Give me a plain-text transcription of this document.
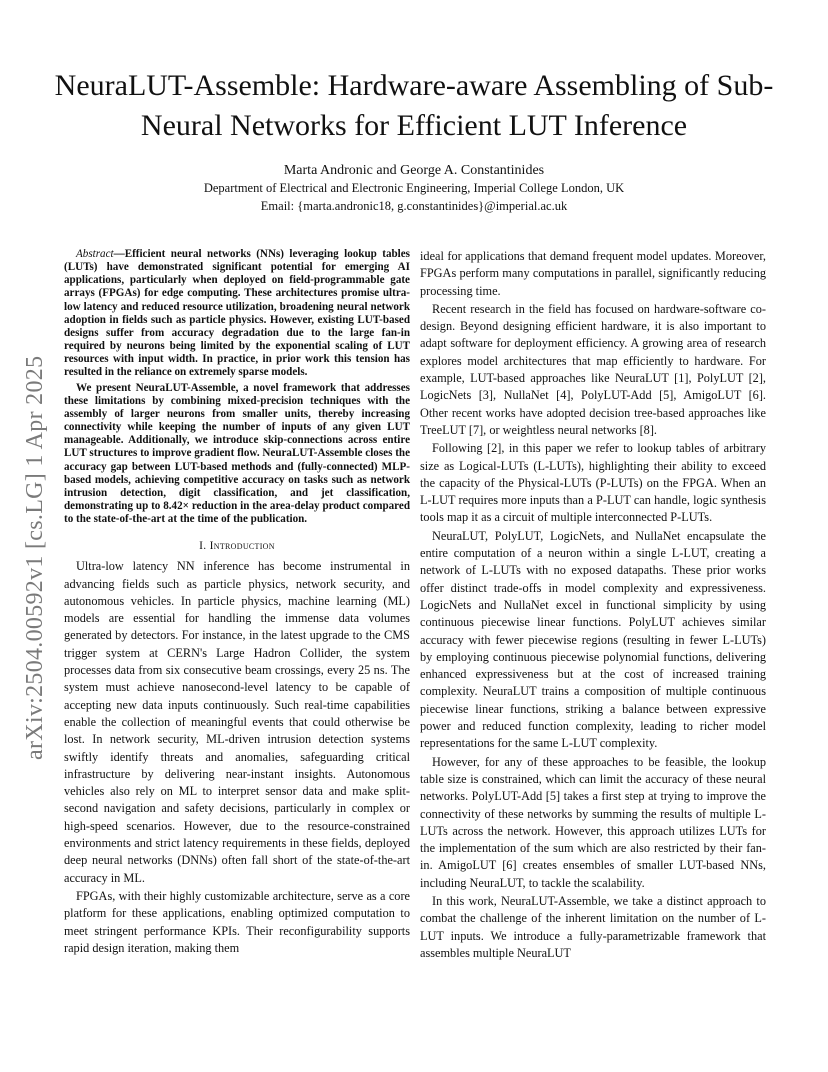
arXiv:2504.00592v1 [cs.LG] 1 Apr 2025
NeuraLUT-Assemble: Hardware-aware Assembling of Sub-Neural Networks for Efficient LUT Inference
Marta Andronic and George A. Constantinides
Department of Electrical and Electronic Engineering, Imperial College London, UK
Email: {marta.andronic18, g.constantinides}@imperial.ac.uk

Abstract—Efficient neural networks (NNs) leveraging lookup tables (LUTs) have demonstrated significant potential for emerging AI applications, particularly when deployed on field-programmable gate arrays (FPGAs) for edge computing. These architectures promise ultra-low latency and reduced resource utilization, broadening neural network adoption in fields such as particle physics. However, existing LUT-based designs suffer from accuracy degradation due to the large fan-in required by neurons being limited by the exponential scaling of LUT resources with input width. In practice, in prior work this tension has resulted in the reliance on extremely sparse models.

We present NeuraLUT-Assemble, a novel framework that addresses these limitations by combining mixed-precision techniques with the assembly of larger neurons from smaller units, thereby increasing connectivity while keeping the number of inputs of any given LUT manageable. Additionally, we introduce skip-connections across entire LUT structures to improve gradient flow. NeuraLUT-Assemble closes the accuracy gap between LUT-based methods and (fully-connected) MLP-based models, achieving competitive accuracy on tasks such as network intrusion detection, digit classification, and jet classification, demonstrating up to 8.42× reduction in the area-delay product compared to the state-of-the-art at the time of the publication.

I. Introduction

Ultra-low latency NN inference has become instrumental in advancing fields such as particle physics, network security, and autonomous vehicles. In particle physics, machine learning (ML) models are essential for handling the immense data volumes generated by detectors. For instance, in the latest upgrade to the CMS trigger system at CERN's Large Hadron Collider, the system processes data from six consecutive beam crossings, every 25 ns. The system must achieve nanosecond-level latency to be capable of accepting new data inputs continuously. Such real-time capabilities enable the collection of meaningful events that could otherwise be lost. In network security, ML-driven intrusion detection systems swiftly identify threats and anomalies, safeguarding critical infrastructure by delivering near-instant insights. Autonomous vehicles also rely on ML to interpret sensor data and make split-second navigation and safety decisions, particularly in complex or high-speed scenarios. However, due to the resource-constrained environments and strict latency requirements in these fields, deployed deep neural networks (DNNs) often fall short of the state-of-the-art accuracy in ML.

FPGAs, with their highly customizable architecture, serve as a core platform for these applications, enabling optimized computation to meet stringent performance KPIs. Their reconfigurability supports rapid design iteration, making them

ideal for applications that demand frequent model updates. Moreover, FPGAs perform many computations in parallel, significantly reducing processing time.

Recent research in the field has focused on hardware-software co-design. Beyond designing efficient hardware, it is also important to adapt software for deployment efficiency. A growing area of research explores model architectures that map efficiently to hardware. For example, LUT-based approaches like NeuraLUT [1], PolyLUT [2], LogicNets [3], NullaNet [4], PolyLUT-Add [5], AmigoLUT [6]. Other recent works have adopted decision tree-based approaches like TreeLUT [7], or weightless neural networks [8].

Following [2], in this paper we refer to lookup tables of arbitrary size as Logical-LUTs (L-LUTs), highlighting their ability to exceed the capacity of the Physical-LUTs (P-LUTs) on the FPGA. When an L-LUT requires more inputs than a P-LUT can handle, logic synthesis tools map it as a circuit of multiple interconnected P-LUTs.

NeuraLUT, PolyLUT, LogicNets, and NullaNet encapsulate the entire computation of a neuron within a single L-LUT, creating a network of L-LUTs with no exposed datapaths. These prior works offer distinct trade-offs in model complexity and expressiveness. LogicNets and NullaNet excel in functional simplicity by using continuous piecewise linear functions. PolyLUT achieves similar accuracy with fewer piecewise regions (resulting in fewer L-LUTs) by employing continuous piecewise polynomial functions, delivering enhanced expressiveness but at the cost of increased training complexity. NeuraLUT trains a composition of multiple continuous piecewise linear functions, striking a balance between expressive power and reduced function complexity, leading to richer model representations for the same L-LUT complexity.

However, for any of these approaches to be feasible, the lookup table size is constrained, which can limit the accuracy of these neural networks. PolyLUT-Add [5] takes a first step at trying to improve the connectivity of these networks by summing the results of multiple L-LUTs across the network. However, this approach utilizes LUTs for the implementation of the sum which are also restricted by their fan-in. AmigoLUT [6] creates ensembles of smaller LUT-based NNs, including NeuraLUT, to tackle the scalability.

In this work, NeuraLUT-Assemble, we take a distinct approach to combat the challenge of the inherent limitation on the number of L-LUT inputs. We introduce a fully-parametrizable framework that assembles multiple NeuraLUT
